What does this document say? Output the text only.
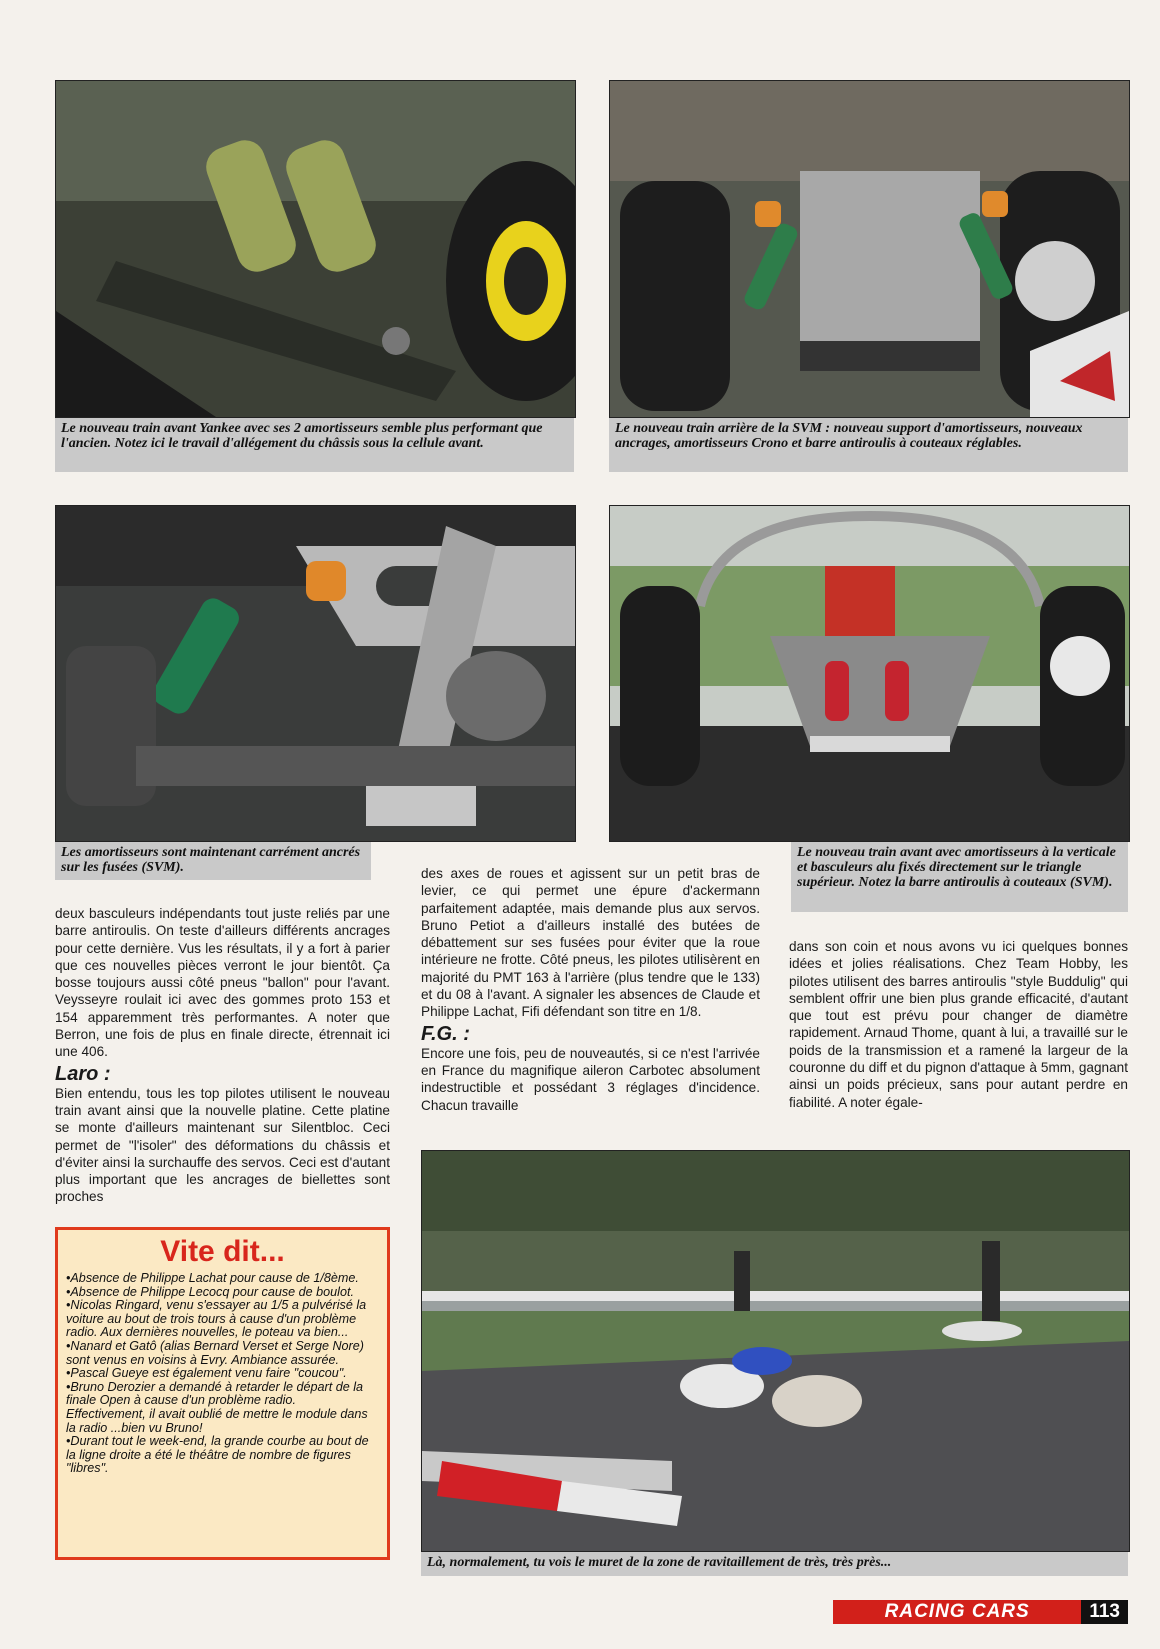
Le nouveau train avant Yankee avec ses 2 amortisseurs semble plus performant que l'ancien. Notez ici le travail d'allégement du châssis sous la cellule avant.
Le nouveau train arrière de la SVM : nouveau support d'amortisseurs, nouveaux ancrages, amortisseurs Crono et barre antiroulis à couteaux réglables.
Les amortisseurs sont maintenant carrément ancrés sur les fusées (SVM).
Le nouveau train avant avec amortisseurs à la verticale et basculeurs alu fixés directement sur le triangle supérieur. Notez la barre antiroulis à couteaux (SVM).

deux basculeurs indépendants tout juste reliés par une barre antiroulis. On teste d'ailleurs différents ancrages pour cette dernière. Vus les résultats, il y a fort à parier que ces nouvelles pièces verront le jour bientôt. Ça bosse toujours aussi côté pneus "ballon" pour l'avant. Veysseyre roulait ici avec des gommes proto 153 et 154 apparemment très performantes. A noter que Berron, une fois de plus en finale directe, étrennait ici une 406.

Laro :

Bien entendu, tous les top pilotes utilisent le nouveau train avant ainsi que la nouvelle platine. Cette platine se monte d'ailleurs maintenant sur Silentbloc. Ceci permet de "l'isoler" des déformations du châssis et d'éviter ainsi la surchauffe des servos. Ceci est d'autant plus important que les ancrages de biellettes sont proches

des axes de roues et agissent sur un petit bras de levier, ce qui permet une épure d'ackermann parfaitement adaptée, mais demande plus aux servos. Bruno Petiot a d'ailleurs installé des butées de débattement sur ses fusées pour éviter que la roue intérieure ne frotte. Côté pneus, les pilotes utilisèrent en majorité du PMT 163 à l'arrière (plus tendre que le 133) et du 08 à l'avant. A signaler les absences de Claude et Philippe Lachat, Fifi défendant son titre en 1/8.

F.G. :

Encore une fois, peu de nouveautés, si ce n'est l'arrivée en France du magnifique aileron Carbotec absolument indestructible et possédant 3 réglages d'incidence. Chacun travaille

dans son coin et nous avons vu ici quelques bonnes idées et jolies réalisations. Chez Team Hobby, les pilotes utilisent des barres antiroulis "style Buddulig" qui semblent offrir une bien plus grande efficacité, d'autant que tout est prévu pour changer de diamètre rapidement. Arnaud Thome, quant à lui, a travaillé sur le poids de la transmission et a ramené la largeur de la couronne du diff et du pignon d'attaque à 5mm, gagnant ainsi un poids précieux, sans pour autant perdre en fiabilité. A noter égale-

Vite dit...
•Absence de Philippe Lachat pour cause de 1/8ème.
•Absence de Philippe Lecocq pour cause de boulot.
•Nicolas Ringard, venu s'essayer au 1/5 a pulvérisé la voiture au bout de trois tours à cause d'un problème radio. Aux dernières nouvelles, le poteau va bien...
•Nanard et Gatô (alias Bernard Verset et Serge Nore) sont venus en voisins à Evry. Ambiance assurée.
•Pascal Gueye est également venu faire "coucou".
•Bruno Derozier a demandé à retarder le départ de la finale Open à cause d'un problème radio. Effectivement, il avait oublié de mettre le module dans la radio ...bien vu Bruno!
•Durant tout le week-end, la grande courbe au bout de la ligne droite a été le théâtre de nombre de figures "libres".
Là, normalement, tu vois le muret de la zone de ravitaillement de très, très près...
RACING CARS	113
